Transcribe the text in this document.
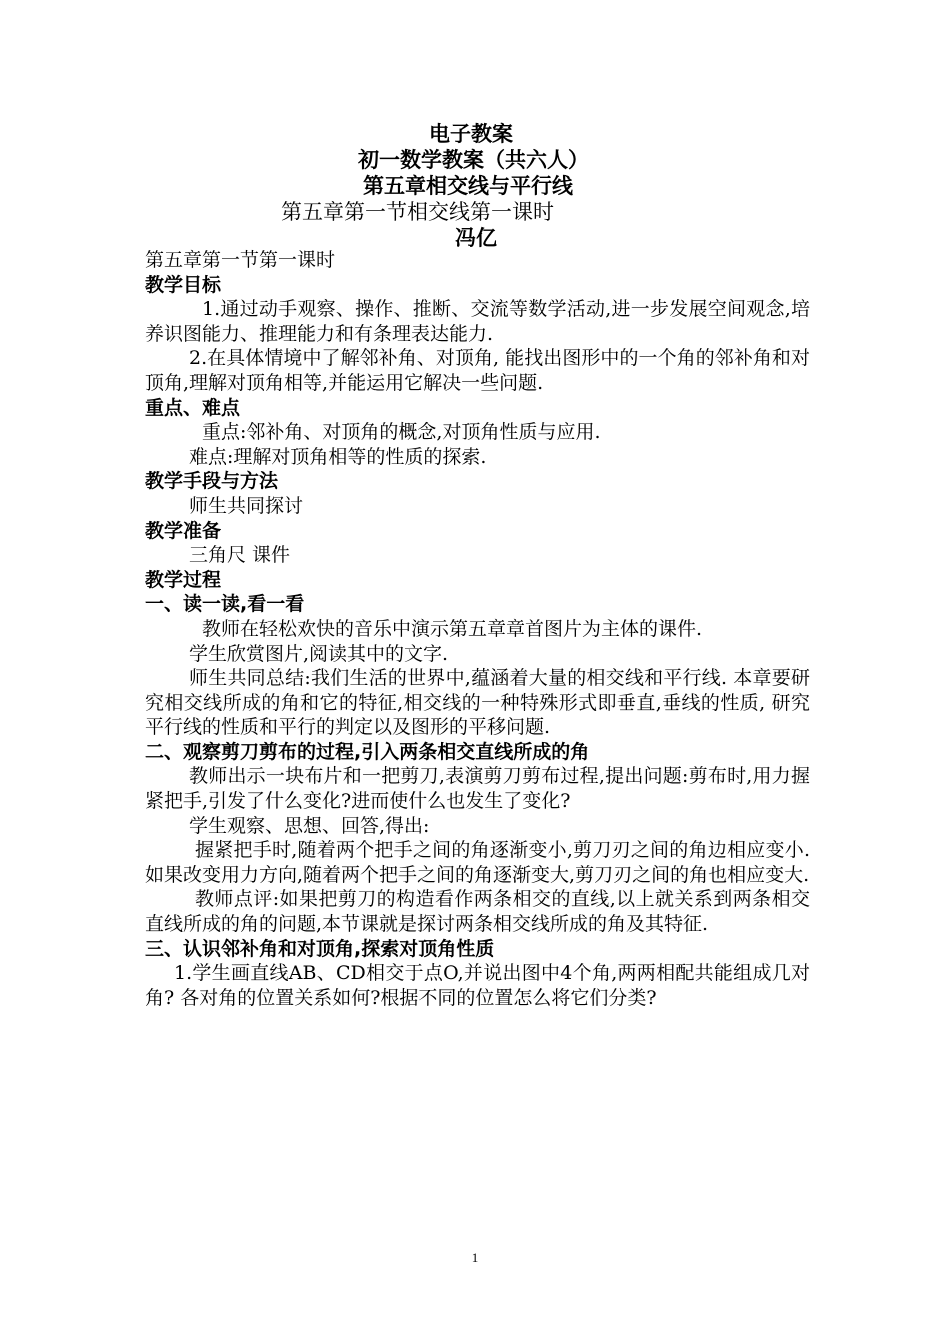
电子教案
初一数学教案（共六人）
第五章相交线与平行线
第五章第一节相交线第一课时
冯亿
第五章第一节第一课时
教学目标
1.通过动手观察、操作、推断、交流等数学活动,进一步发展空间观念,培养识图能力、推理能力和有条理表达能力.
2.在具体情境中了解邻补角、对顶角, 能找出图形中的一个角的邻补角和对顶角,理解对顶角相等,并能运用它解决一些问题.
重点、难点
重点:邻补角、对顶角的概念,对顶角性质与应用.
难点:理解对顶角相等的性质的探索.
教学手段与方法
师生共同探讨
教学准备
三角尺 课件
教学过程
一、读一读,看一看
教师在轻松欢快的音乐中演示第五章章首图片为主体的课件.
学生欣赏图片,阅读其中的文字.
师生共同总结:我们生活的世界中,蕴涵着大量的相交线和平行线. 本章要研究相交线所成的角和它的特征,相交线的一种特殊形式即垂直,垂线的性质, 研究平行线的性质和平行的判定以及图形的平移问题.
二、观察剪刀剪布的过程,引入两条相交直线所成的角
教师出示一块布片和一把剪刀,表演剪刀剪布过程,提出问题:剪布时,用力握紧把手,引发了什么变化?进而使什么也发生了变化?
学生观察、思想、回答,得出:
握紧把手时,随着两个把手之间的角逐渐变小,剪刀刃之间的角边相应变小. 如果改变用力方向,随着两个把手之间的角逐渐变大,剪刀刃之间的角也相应变大.
教师点评:如果把剪刀的构造看作两条相交的直线,以上就关系到两条相交直线所成的角的问题,本节课就是探讨两条相交线所成的角及其特征.
三、认识邻补角和对顶角,探索对顶角性质
1.学生画直线AB、CD相交于点O,并说出图中4个角,两两相配共能组成几对角? 各对角的位置关系如何?根据不同的位置怎么将它们分类?
1
